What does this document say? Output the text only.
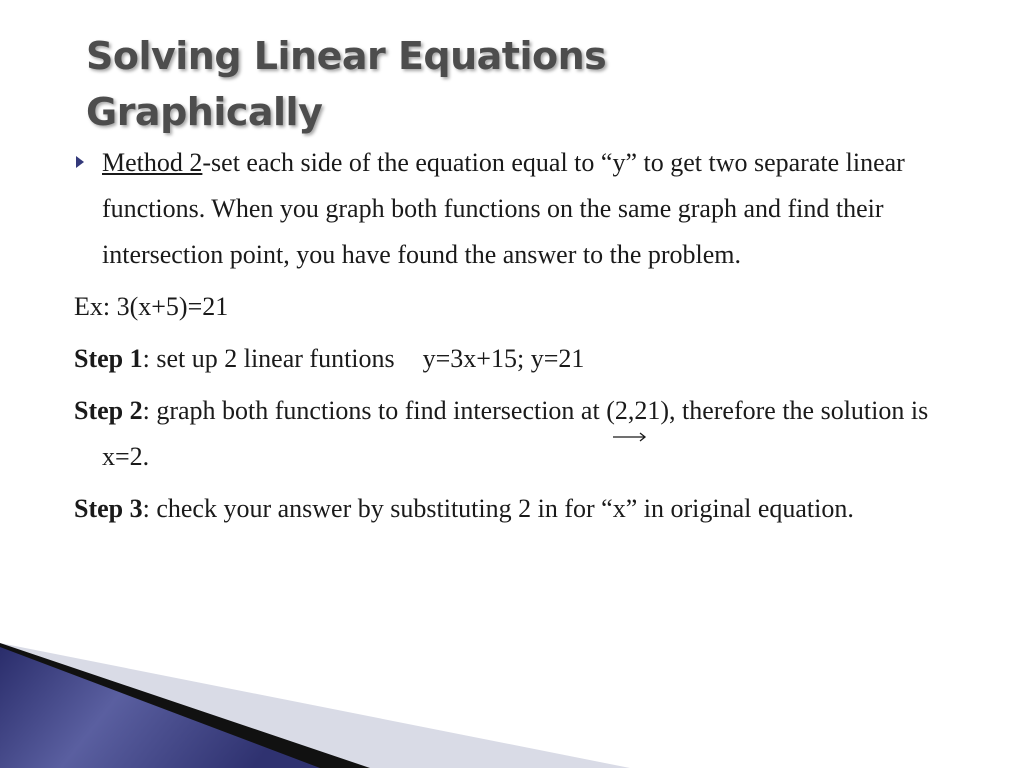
Solving Linear Equations Graphically
Method 2-set each side of the equation equal to “y” to get two separate linear functions. When you graph both functions on the same graph and find their intersection point, you have found the answer to the problem.
Ex: 3(x+5)=21
Step 1: set up 2 linear funtions y=3x+15; y=21
Step 2: graph both functions to find intersection at (2,21), therefore the solution is x=2.
Step 3: check your answer by substituting 2 in for “x” in original equation.
